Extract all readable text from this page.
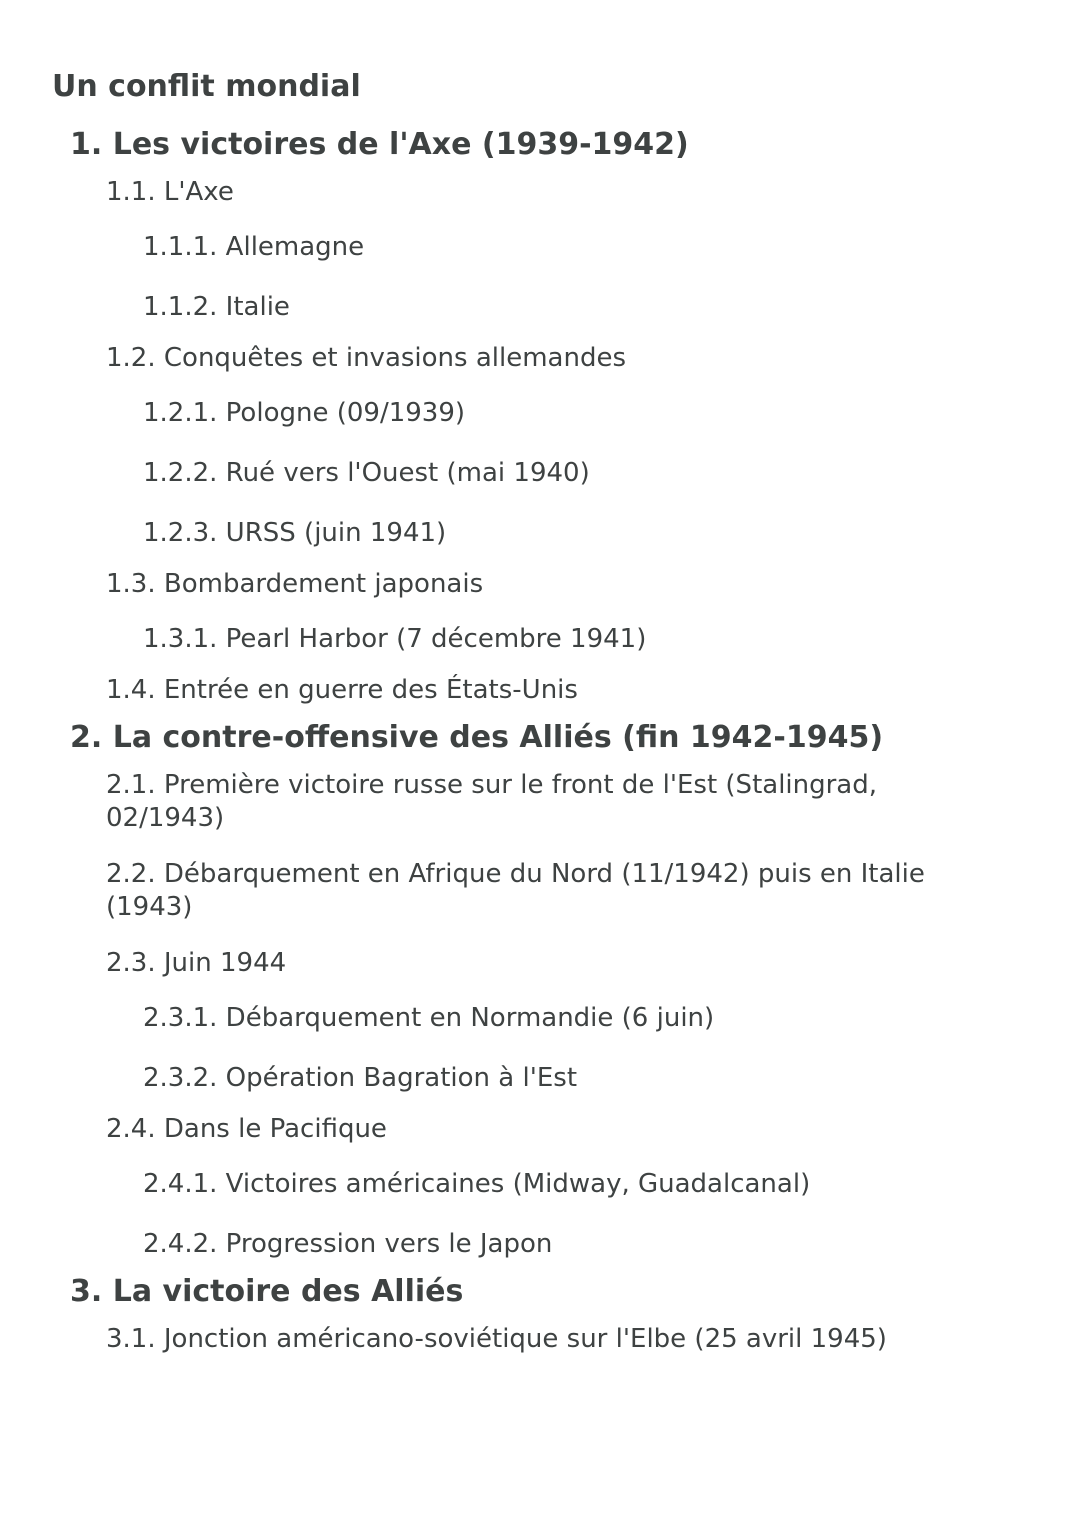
Un conflit mondial
1. Les victoires de l'Axe (1939-1942)
1.1. L'Axe
1.1.1. Allemagne
1.1.2. Italie
1.2. Conquêtes et invasions allemandes
1.2.1. Pologne (09/1939)
1.2.2. Rué vers l'Ouest (mai 1940)
1.2.3. URSS (juin 1941)
1.3. Bombardement japonais
1.3.1. Pearl Harbor (7 décembre 1941)
1.4. Entrée en guerre des États-Unis
2. La contre-offensive des Alliés (fin 1942-1945)
2.1. Première victoire russe sur le front de l'Est (Stalingrad, 02/1943)
2.2. Débarquement en Afrique du Nord (11/1942) puis en Italie (1943)
2.3. Juin 1944
2.3.1. Débarquement en Normandie (6 juin)
2.3.2. Opération Bagration à l'Est
2.4. Dans le Pacifique
2.4.1. Victoires américaines (Midway, Guadalcanal)
2.4.2. Progression vers le Japon
3. La victoire des Alliés
3.1. Jonction américano-soviétique sur l'Elbe (25 avril 1945)
